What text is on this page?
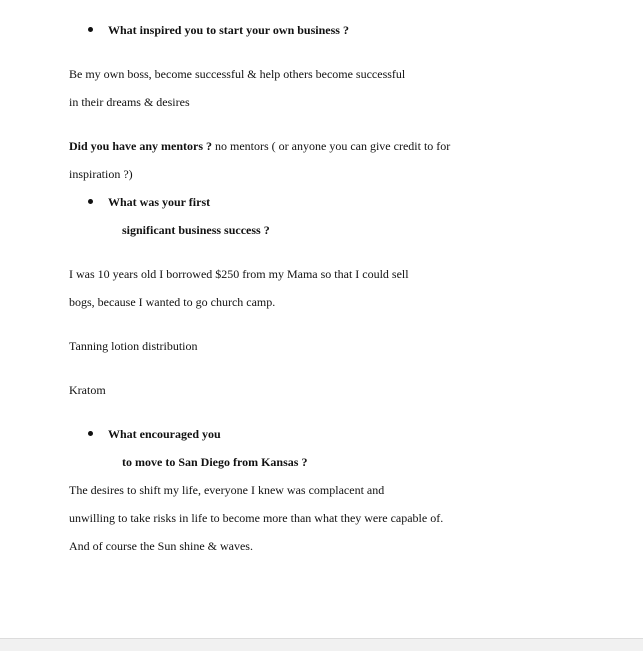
What inspired you to start your own business ?
Be my own boss, become successful & help others become successful
in their dreams & desires
Did you have any mentors ? no mentors ( or anyone you can give credit to for
inspiration ?)
What was your first
significant business success ?
I was 10 years old I borrowed $250 from my Mama so that I could sell
bogs, because I wanted to go church camp.
Tanning lotion distribution
Kratom
What encouraged you
to move to San Diego from Kansas ?
The desires to shift my life, everyone I knew was complacent and
unwilling to take risks in life to become more than what they were capable of.
And of course the Sun shine & waves.
